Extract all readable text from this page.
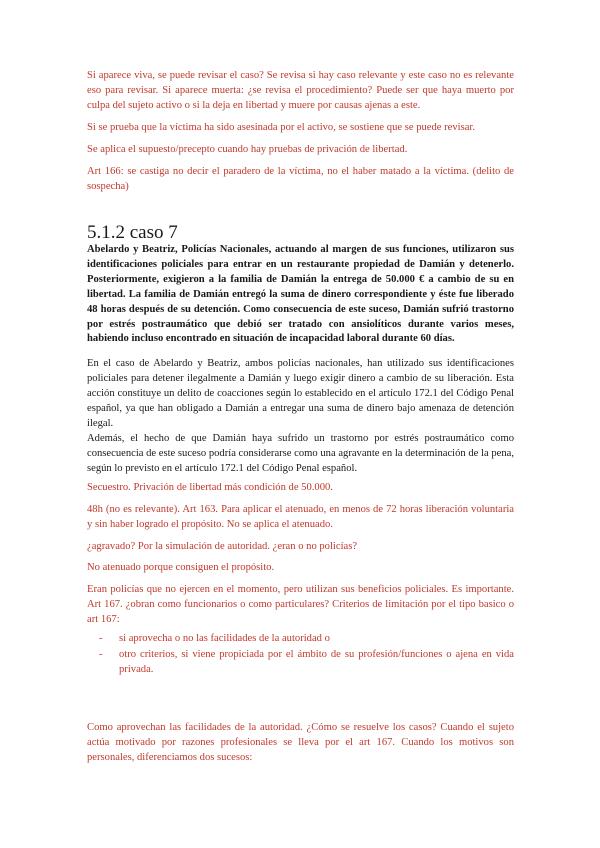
Si aparece viva, se puede revisar el caso? Se revisa si hay caso relevante y este caso no es relevante eso para revisar. Si aparece muerta: ¿se revisa el procedimiento? Puede ser que haya muerto por culpa del sujeto activo o si la deja en libertad y muere por causas ajenas a este.

Si se prueba que la víctima ha sido asesinada por el activo, se sostiene que se puede revisar.

Se aplica el supuesto/precepto cuando hay pruebas de privación de libertad.

Art 166: se castiga no decir el paradero de la víctima, no el haber matado a la víctima. (delito de sospecha)

5.1.2 caso 7

Abelardo y Beatriz, Policías Nacionales, actuando al margen de sus funciones, utilizaron sus identificaciones policiales para entrar en un restaurante propiedad de Damián y detenerlo. Posteriormente, exigieron a la familia de Damián la entrega de 50.000 € a cambio de su en libertad. La familia de Damián entregó la suma de dinero correspondiente y éste fue liberado 48 horas después de su detención. Como consecuencia de este suceso, Damián sufrió trastorno por estrés postraumático que debió ser tratado con ansiolíticos durante varios meses, habiendo incluso encontrado en situación de incapacidad laboral durante 60 días.

En el caso de Abelardo y Beatriz, ambos policías nacionales, han utilizado sus identificaciones policiales para detener ilegalmente a Damián y luego exigir dinero a cambio de su liberación. Esta acción constituye un delito de coacciones según lo establecido en el artículo 172.1 del Código Penal español, ya que han obligado a Damián a entregar una suma de dinero bajo amenaza de detención ilegal.

Además, el hecho de que Damián haya sufrido un trastorno por estrés postraumático como consecuencia de este suceso podría considerarse como una agravante en la determinación de la pena, según lo previsto en el artículo 172.1 del Código Penal español.

Secuestro. Privación de libertad más condición de 50.000.

48h (no es relevante). Art 163. Para aplicar el atenuado, en menos de 72 horas liberación voluntaria y sin haber logrado el propósito. No se aplica el atenuado.

¿agravado? Por la simulación de autoridad. ¿eran o no policías?

No atenuado porque consiguen el propósito.

Eran policías que no ejercen en el momento, pero utilizan sus beneficios policiales. Es importante. Art 167. ¿obran como funcionarios o como particulares? Criterios de limitación por el tipo basico o art 167:

- si aprovecha o no las facilidades de la autoridad o
- otro criterios, si viene propiciada por el ámbito de su profesión/funciones o ajena en vida privada.

Como aprovechan las facilidades de la autoridad. ¿Cómo se resuelve los casos? Cuando el sujeto actúa motivado por razones profesionales se lleva por el art 167. Cuando los motivos son personales, diferenciamos dos sucesos:
